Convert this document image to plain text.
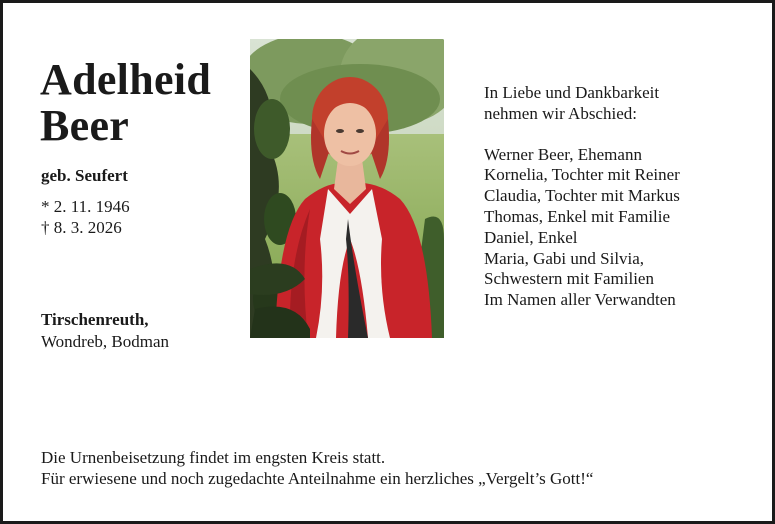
Adelheid
Beer
geb. Seufert
* 2. 11. 1946
† 8. 3. 2026
Tirschenreuth,
Wondreb, Bodman
In Liebe und Dankbarkeit
nehmen wir Abschied:
Werner Beer, Ehemann
Kornelia, Tochter mit Reiner
Claudia, Tochter mit Markus
Thomas, Enkel mit Familie
Daniel, Enkel
Maria, Gabi und Silvia,
Schwestern mit Familien
Im Namen aller Verwandten
Die Urnenbeisetzung findet im engsten Kreis statt.
Für erwiesene und noch zugedachte Anteilnahme ein herzliches „Vergelt’s Gott!“
